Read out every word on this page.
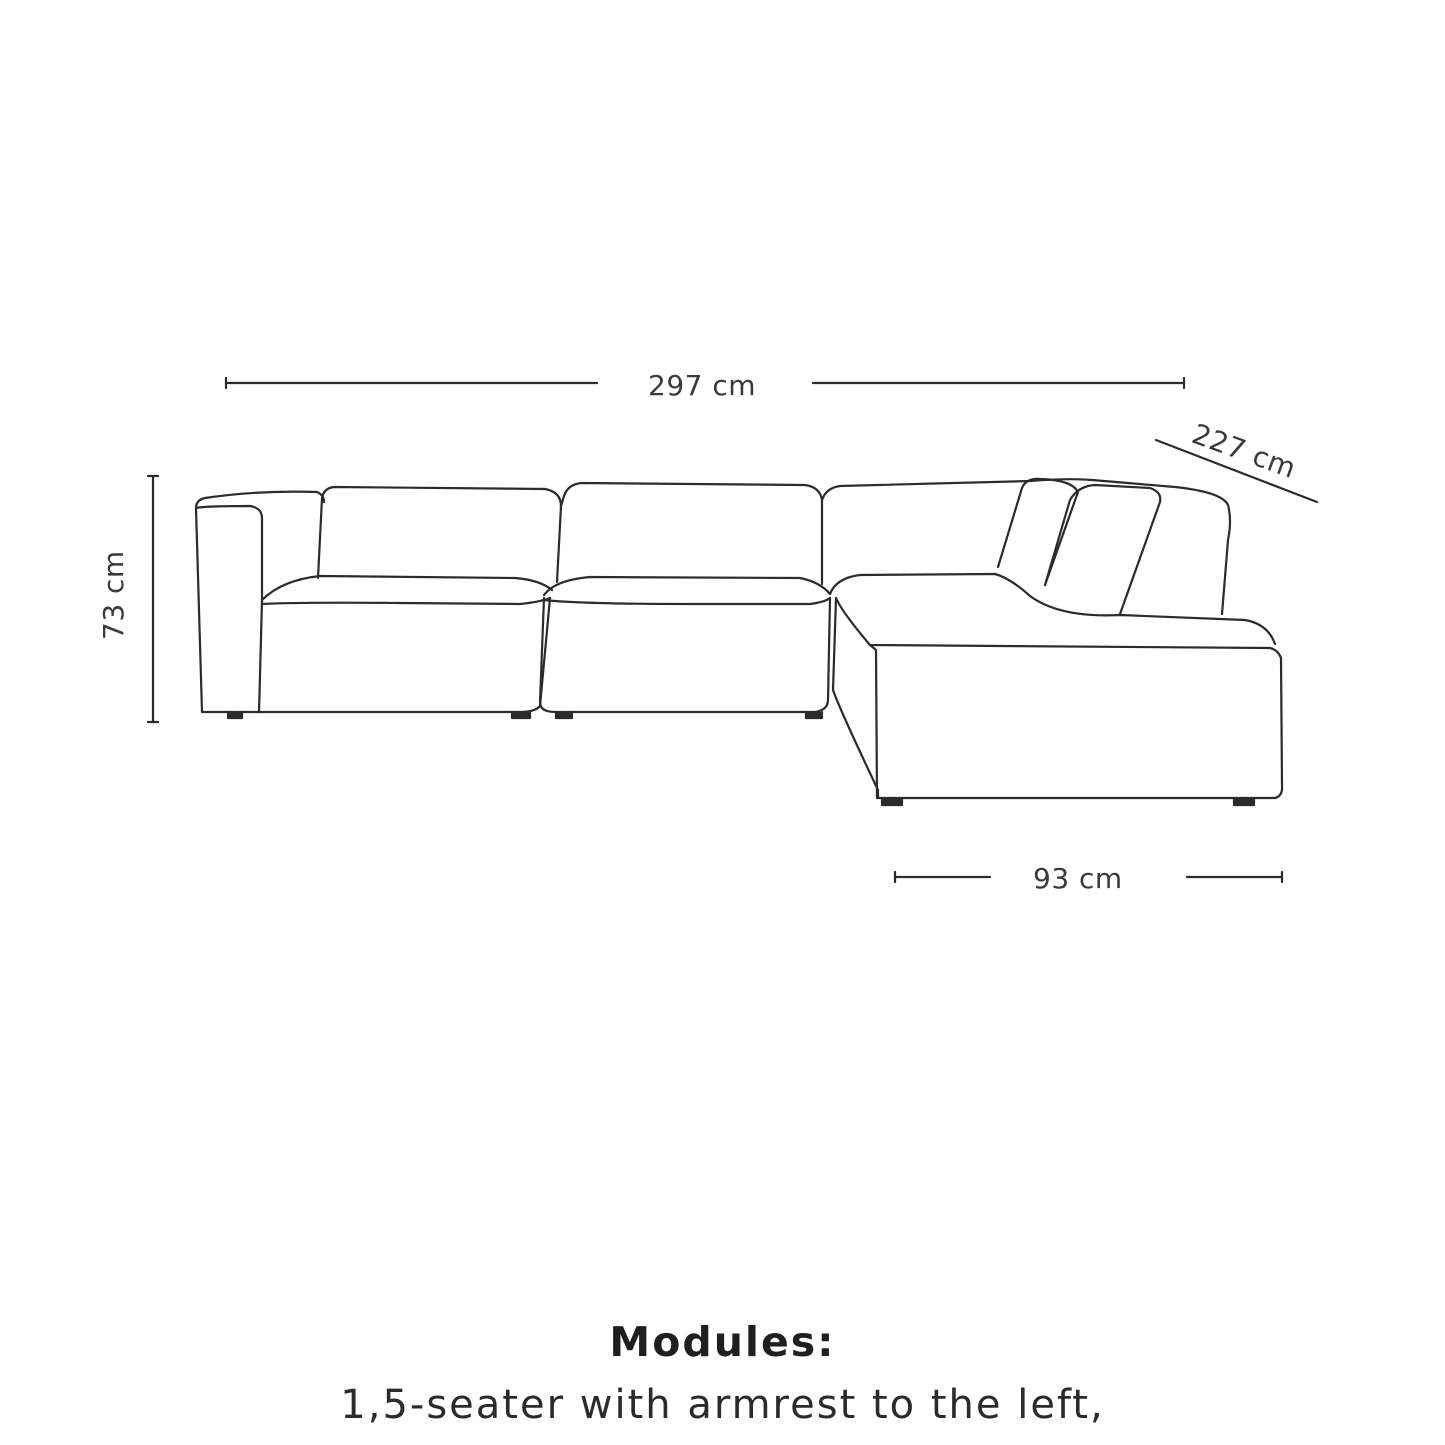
297 cm
227 cm
73 cm
93 cm
Modules:
1,5-seater with armrest to the left,
